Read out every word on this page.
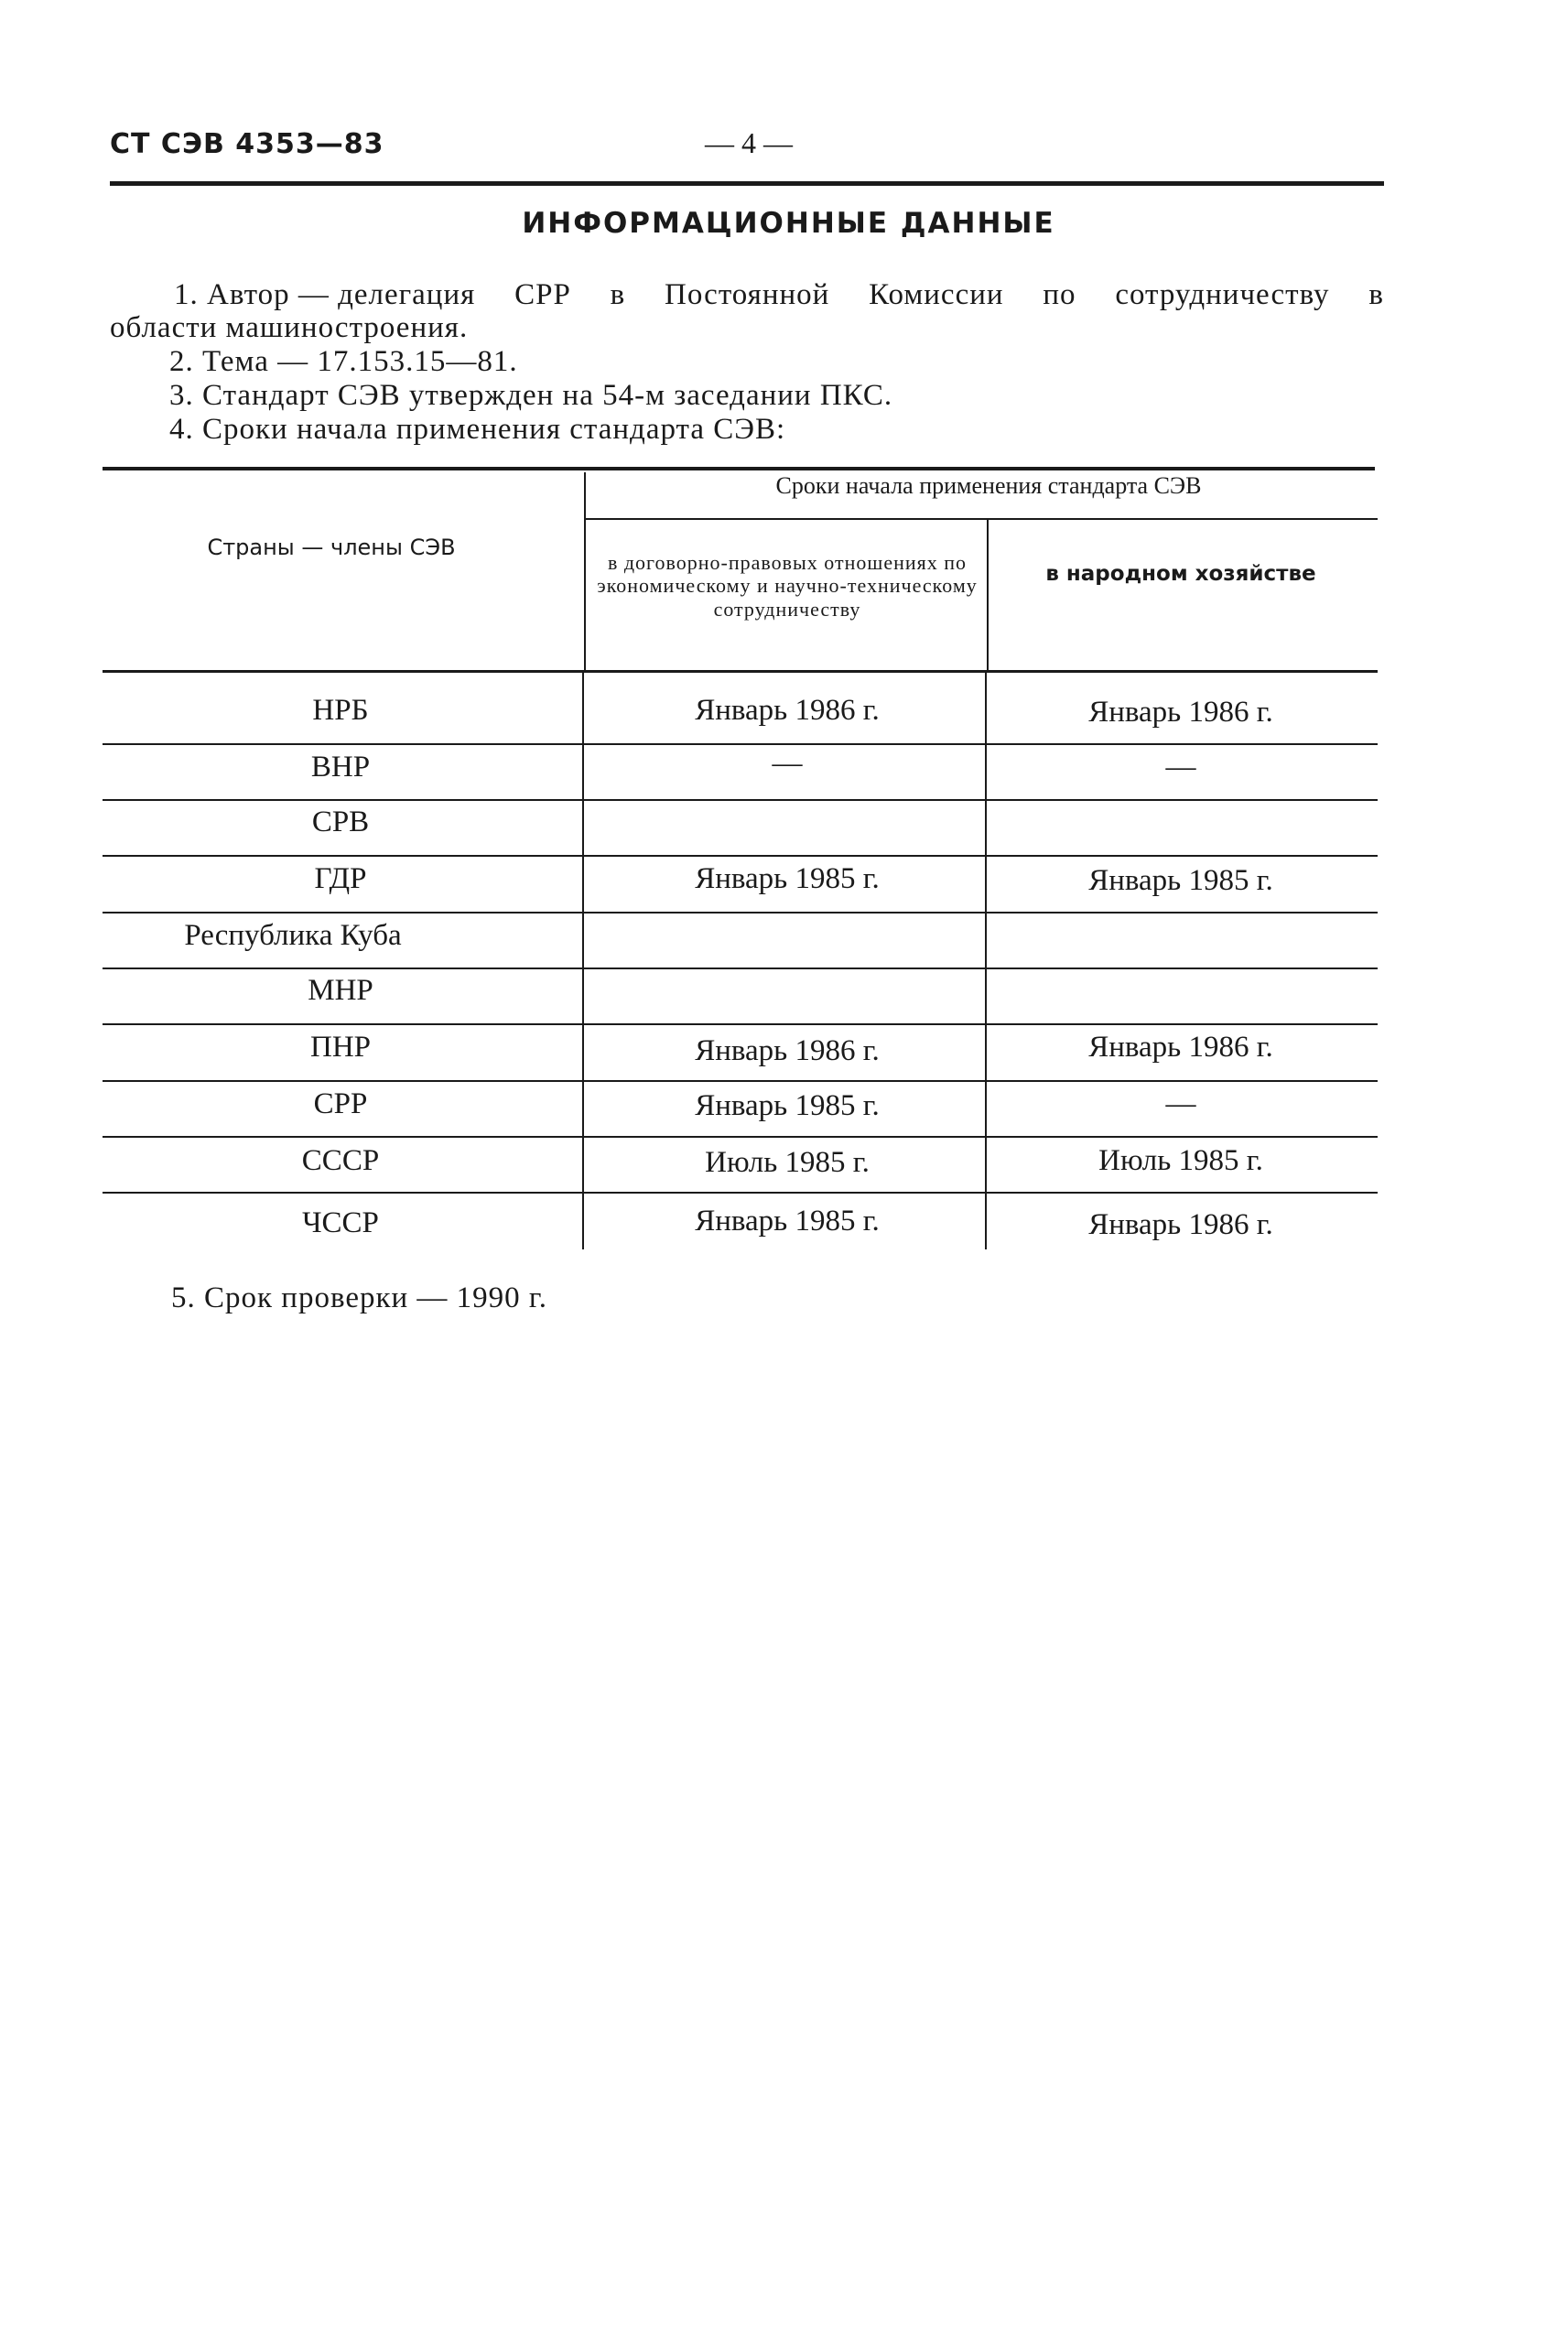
СТ СЭВ 4353—83	— 4 —
ИНФОРМАЦИОННЫЕ ДАННЫЕ
1. Автор — делегация СРР в Постоянной Комиссии по сотрудничеству в
области машиностроения.
2. Тема — 17.153.15—81.
3. Стандарт СЭВ утвержден на 54-м заседании ПКС.
4. Сроки начала применения стандарта СЭВ:
Сроки начала применения стандарта СЭВ
Страны — члены СЭВ
в договорно-правовых отношениях по экономическому и научно-техническому сотрудничеству
в народном хозяйстве
НРБ	Январь 1986 г.	Январь 1986 г.
ВНР	—	—
СРВ
ГДР	Январь 1985 г.	Январь 1985 г.
Республика Куба
МНР
ПНР	Январь 1986 г.	Январь 1986 г.
СРР	Январь 1985 г.	—
СССР	Июль 1985 г.	Июль 1985 г.
ЧССР	Январь 1985 г.	Январь 1986 г.
5. Срок проверки — 1990 г.
